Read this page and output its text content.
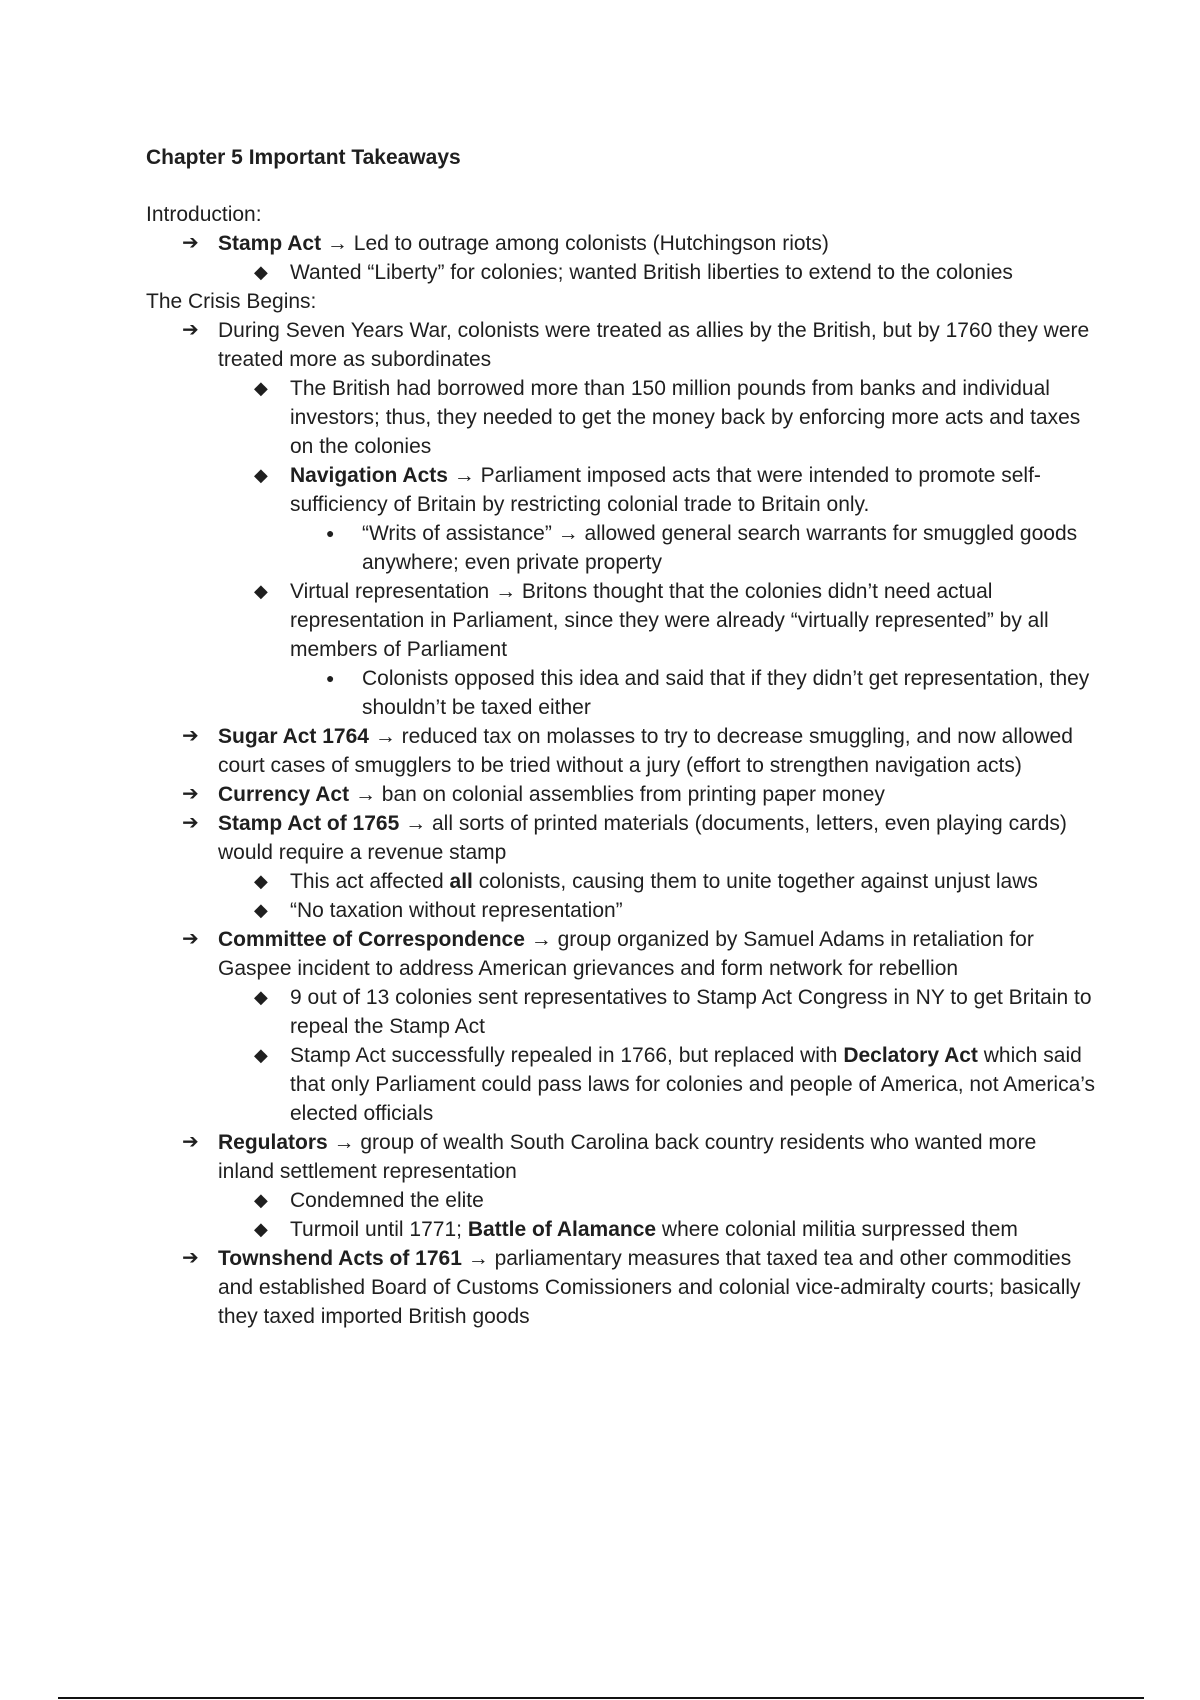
Chapter 5 Important Takeaways
Introduction:
➔ Stamp Act → Led to outrage among colonists (Hutchingson riots)
◆ Wanted “Liberty” for colonies; wanted British liberties to extend to the colonies
The Crisis Begins:
➔ During Seven Years War, colonists were treated as allies by the British, but by 1760 they were treated more as subordinates
◆ The British had borrowed more than 150 million pounds from banks and individual investors; thus, they needed to get the money back by enforcing more acts and taxes on the colonies
◆ Navigation Acts → Parliament imposed acts that were intended to promote self-sufficiency of Britain by restricting colonial trade to Britain only.
● “Writs of assistance” → allowed general search warrants for smuggled goods anywhere; even private property
◆ Virtual representation → Britons thought that the colonies didn’t need actual representation in Parliament, since they were already “virtually represented” by all members of Parliament
● Colonists opposed this idea and said that if they didn’t get representation, they shouldn’t be taxed either
➔ Sugar Act 1764 → reduced tax on molasses to try to decrease smuggling, and now allowed court cases of smugglers to be tried without a jury (effort to strengthen navigation acts)
➔ Currency Act → ban on colonial assemblies from printing paper money
➔ Stamp Act of 1765 → all sorts of printed materials (documents, letters, even playing cards) would require a revenue stamp
◆ This act affected all colonists, causing them to unite together against unjust laws
◆ “No taxation without representation”
➔ Committee of Correspondence → group organized by Samuel Adams in retaliation for Gaspee incident to address American grievances and form network for rebellion
◆ 9 out of 13 colonies sent representatives to Stamp Act Congress in NY to get Britain to repeal the Stamp Act
◆ Stamp Act successfully repealed in 1766, but replaced with Declatory Act which said that only Parliament could pass laws for colonies and people of America, not America’s elected officials
➔ Regulators → group of wealth South Carolina back country residents who wanted more inland settlement representation
◆ Condemned the elite
◆ Turmoil until 1771; Battle of Alamance where colonial militia surpressed them
➔ Townshend Acts of 1761 → parliamentary measures that taxed tea and other commodities and established Board of Customs Comissioners and colonial vice-admiralty courts; basically they taxed imported British goods
